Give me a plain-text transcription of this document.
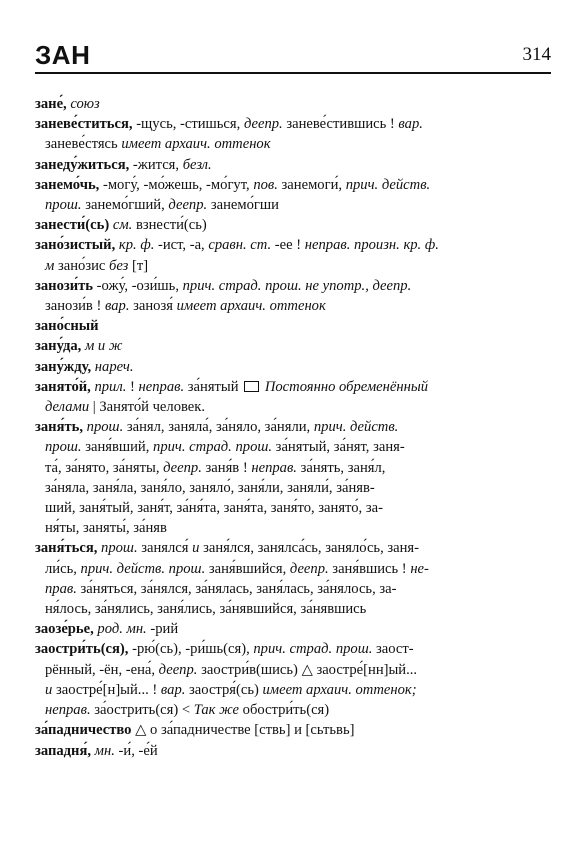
ЗАН	314
зане́, союз
заневе́ститься, -щусь, -стишься, деепр. заневе́стившись ! вар.
заневе́стясь имеет архаич. оттенок
занеду́житься, -жится, безл.
занемо́чь, -могу́, -мо́жешь, -мо́гут, пов. занемоги́, прич. действ.
прош. занемо́гший, деепр. занемо́гши
занести́(сь) см. взнести́(сь)
зано́зистый, кр. ф. -ист, -а, сравн. ст. -ее ! неправ. произн. кр. ф.
м зано́зис без [т]
занози́ть -ожу́, -ози́шь, прич. страд. прош. не употр., деепр.
занози́в ! вар. занозя́ имеет архаич. оттенок
зано́сный
зану́да, м и ж
зану́жду, нареч.
занято́й, прил. ! неправ. за́нятый  Постоянно обременённый
делами | Занято́й человек.
заня́ть, прош. за́нял, заняла́, за́няло, за́няли, прич. действ.
прош. заня́вший, прич. страд. прош. за́нятый, за́нят, заня-
та́, за́нято, за́няты, деепр. заня́в ! неправ. за́нять, заня́л,
за́няла, заня́ла, заня́ло, заняло́, заня́ли, заняли́, за́няв-
ший, заня́тый, заня́т, за́ня́та, заня́та, заня́то, занято́, за-
ня́ты, заняты́, за́няв
заня́ться, прош. занялся́ и заня́лся, занялса́сь, заняло́сь, заня-
ли́сь, прич. действ. прош. заня́вшийся, деепр. заня́вшись ! не-
прав. за́няться, за́нялся, за́нялась, заня́лась, за́нялось, за-
ня́лось, за́нялись, заня́лись, за́нявшийся, за́нявшись
заозе́рье, род. мн. -рий
заостри́ть(ся), -рю́(сь), -ри́шь(ся), прич. страд. прош. заост-
рённый, -ён, -ена́, деепр. заостри́в(шись) △ заостре́[нн]ый...
и заостре́[н]ый... ! вар. заостря́(сь) имеет архаич. оттенок;
неправ. за́острить(ся) < Так же обостри́ть(ся)
за́падничество △ о за́падничестве [ствь] и [сьтьвь]
западня́, мн. -и́, -е́й
